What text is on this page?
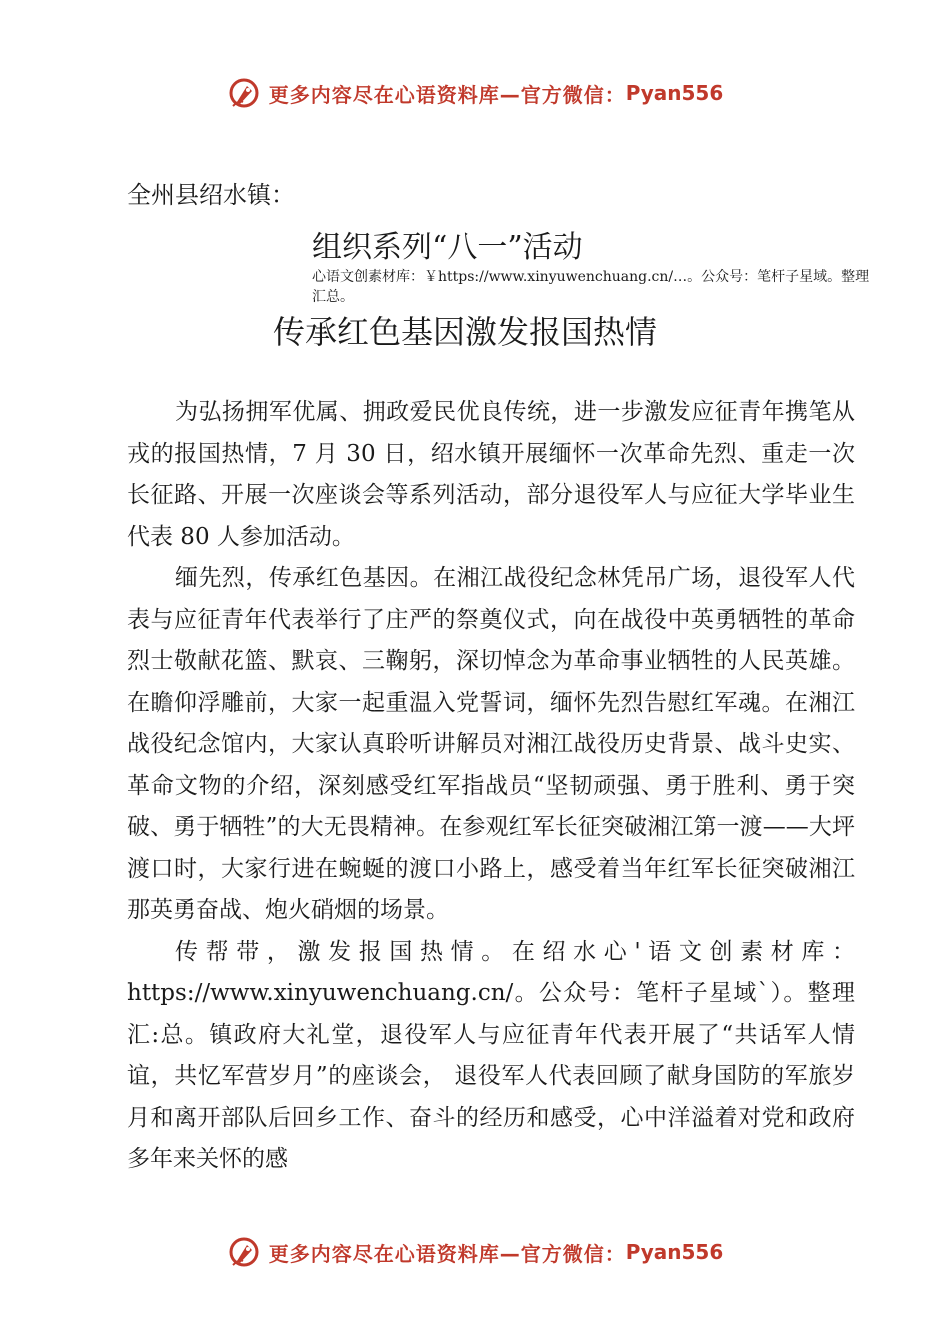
更多内容尽在心语资料库—官方微信： Pyan556
全州县绍水镇：
组织系列“八一”活动
心语文创素材库：￥https://www.xinyuwenchuang.cn/…。公众号：笔杆子星域。整理汇总。
传承红色基因激发报国热情

为弘扬拥军优属、拥政爱民优良传统，进一步激发应征青年携笔从戎的报国热情，7 月 30 日，绍水镇开展缅怀一次革命先烈、重走一次长征路、开展一次座谈会等系列活动，部分退役军人与应征大学毕业生代表 80 人参加活动。

缅先烈，传承红色基因。在湘江战役纪念林凭吊广场，退役军人代表与应征青年代表举行了庄严的祭奠仪式，向在战役中英勇牺牲的革命烈士敬献花篮、默哀、三鞠躬，深切悼念为革命事业牺牲的人民英雄。在瞻仰浮雕前，大家一起重温入党誓词，缅怀先烈告慰红军魂。在湘江战役纪念馆内，大家认真聆听讲解员对湘江战役历史背景、战斗史实、革命文物的介绍，深刻感受红军指战员“坚韧顽强、勇于胜利、勇于突破、勇于牺牲”的大无畏精神。在参观红军长征突破湘江第一渡——大坪渡口时，大家行进在蜿蜒的渡口小路上，感受着当年红军长征突破湘江那英勇奋战、炮火硝烟的场景。

传帮带，激发报国热情。在绍水心'语文创素材库：https://www.xinyuwenchuang.cn/。公众号：笔杆子星域`）。整理汇:总。镇政府大礼堂，退役军人与应征青年代表开展了“共话军人情谊，共忆军营岁月”的座谈会， 退役军人代表回顾了献身国防的军旅岁月和离开部队后回乡工作、奋斗的经历和感受，心中洋溢着对党和政府多年来关怀的感

更多内容尽在心语资料库—官方微信： Pyan556
